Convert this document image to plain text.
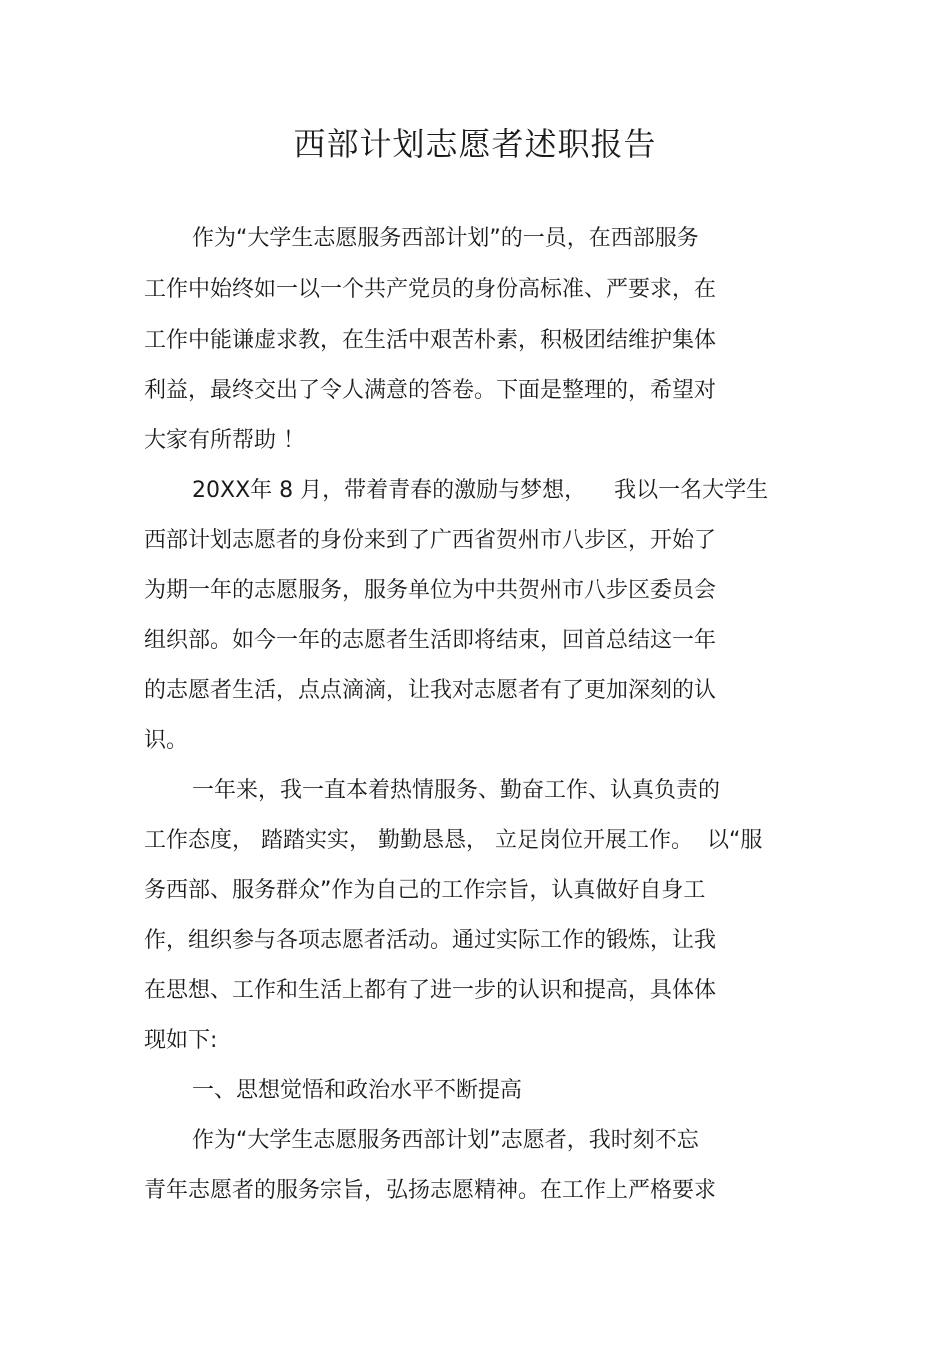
西部计划志愿者述职报告

作为“大学生志愿服务西部计划”的一员，在西部服务

工作中始终如一以一个共产党员的身份高标准、严要求，在

工作中能谦虚求教，在生活中艰苦朴素，积极团结维护集体

利益，最终交出了令人满意的答卷。下面是整理的，希望对

大家有所帮助 ！

20XX年 8 月，带着青春的激励与梦想，    我以一名大学生

西部计划志愿者的身份来到了广西省贺州市八步区，开始了

为期一年的志愿服务，服务单位为中共贺州市八步区委员会

组织部。如今一年的志愿者生活即将结束，回首总结这一年

的志愿者生活，点点滴滴，让我对志愿者有了更加深刻的认

识。

一年来，我一直本着热情服务、勤奋工作、认真负责的

工作态度， 踏踏实实， 勤勤恳恳， 立足岗位开展工作。  以“服

务西部、服务群众”作为自己的工作宗旨，认真做好自身工

作，组织参与各项志愿者活动。通过实际工作的锻炼，让我

在思想、工作和生活上都有了进一步的认识和提高，具体体

现如下:

一、思想觉悟和政治水平不断提高

作为“大学生志愿服务西部计划”志愿者，我时刻不忘

青年志愿者的服务宗旨，弘扬志愿精神。在工作上严格要求
